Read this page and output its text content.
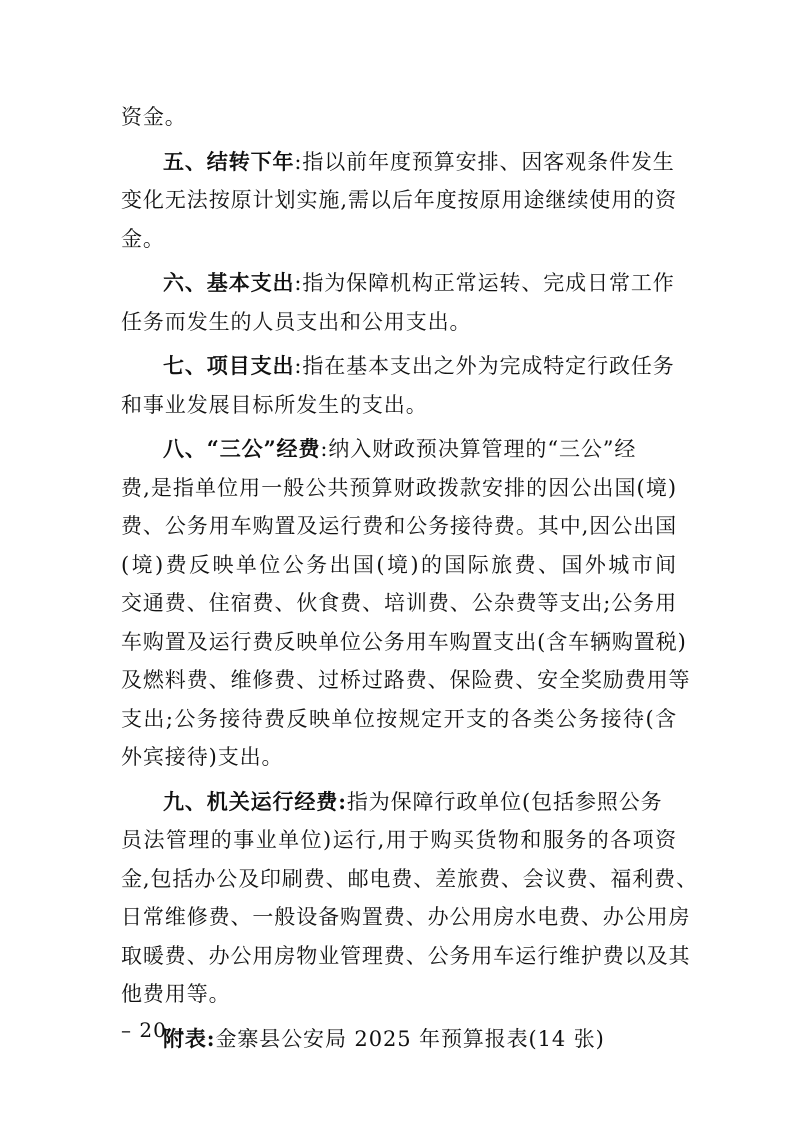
资金。
五、结转下年:指以前年度预算安排、因客观条件发生
变化无法按原计划实施,需以后年度按原用途继续使用的资
金。
六、基本支出:指为保障机构正常运转、完成日常工作
任务而发生的人员支出和公用支出。
七、项目支出:指在基本支出之外为完成特定行政任务
和事业发展目标所发生的支出。
八、“三公”经费:纳入财政预决算管理的“三公”经
费,是指单位用一般公共预算财政拨款安排的因公出国(境)
费、公务用车购置及运行费和公务接待费。其中,因公出国
(境)费反映单位公务出国(境)的国际旅费、国外城市间
交通费、住宿费、伙食费、培训费、公杂费等支出;公务用
车购置及运行费反映单位公务用车购置支出(含车辆购置税)
及燃料费、维修费、过桥过路费、保险费、安全奖励费用等
支出;公务接待费反映单位按规定开支的各类公务接待(含
外宾接待)支出。
九、机关运行经费:指为保障行政单位(包括参照公务
员法管理的事业单位)运行,用于购买货物和服务的各项资
金,包括办公及印刷费、邮电费、差旅费、会议费、福利费、
日常维修费、一般设备购置费、办公用房水电费、办公用房
取暖费、办公用房物业管理费、公务用车运行维护费以及其
他费用等。
附表:金寨县公安局 2025 年预算报表(14 张)
– 20 –
